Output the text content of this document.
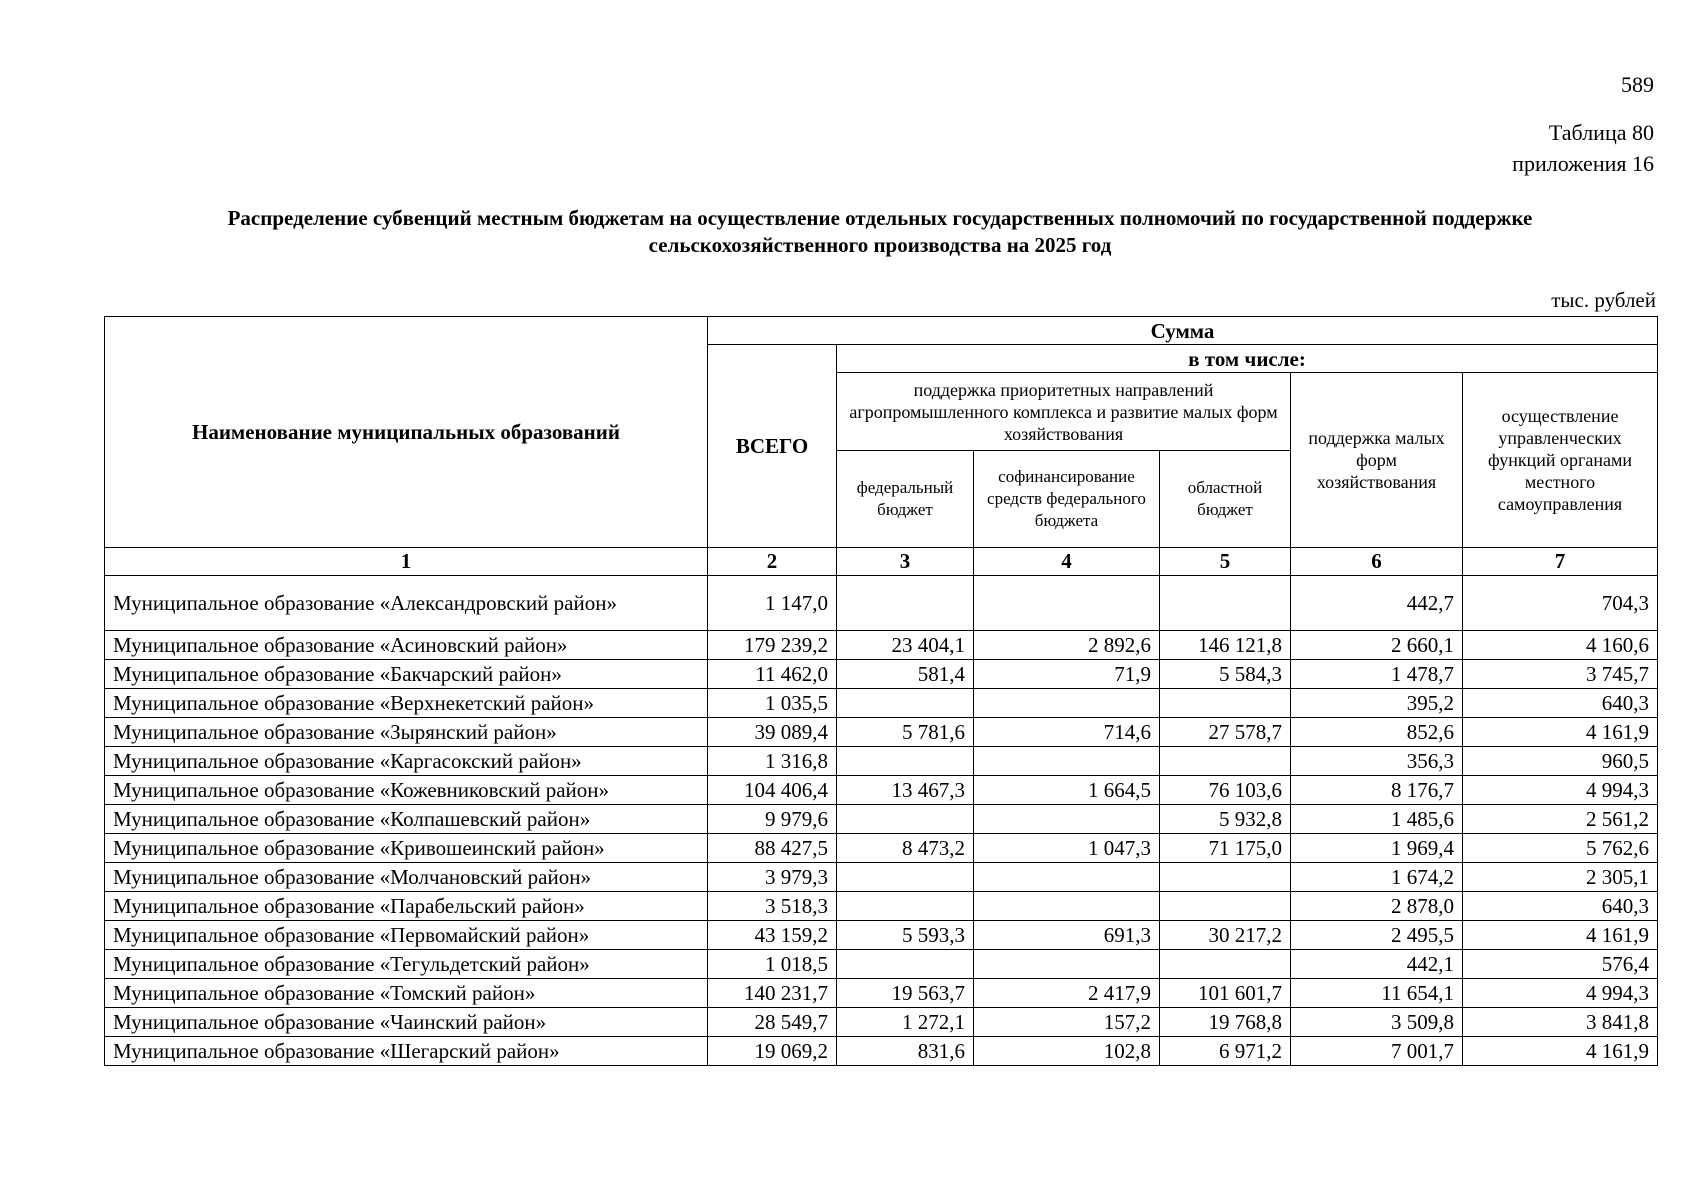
589
Таблица 80
приложения 16
Распределение субвенций местным бюджетам на осуществление отдельных государственных полномочий по государственной поддержке
сельскохозяйственного производства на 2025 год
тыс. рублей
Наименование муниципальных образований	Сумма					
	ВСЕГО	в том числе:				
		поддержка приоритетных направлений агропромышленного комплекса и развитие малых форм хозяйствования			поддержка малых форм хозяйствования	осуществление управленческих функций органами местного самоуправления
		федеральный бюджет	софинансирование средств федерального бюджета	областной бюджет		
1	2	3	4	5	6	7
Муниципальное образование «Александровский район»	1 147,0				442,7	704,3
Муниципальное образование «Асиновский район»	179 239,2	23 404,1	2 892,6	146 121,8	2 660,1	4 160,6
Муниципальное образование «Бакчарский район»	11 462,0	581,4	71,9	5 584,3	1 478,7	3 745,7
Муниципальное образование «Верхнекетский район»	1 035,5				395,2	640,3
Муниципальное образование «Зырянский район»	39 089,4	5 781,6	714,6	27 578,7	852,6	4 161,9
Муниципальное образование «Каргасокский район»	1 316,8				356,3	960,5
Муниципальное образование «Кожевниковский район»	104 406,4	13 467,3	1 664,5	76 103,6	8 176,7	4 994,3
Муниципальное образование «Колпашевский район»	9 979,6			5 932,8	1 485,6	2 561,2
Муниципальное образование «Кривошеинский район»	88 427,5	8 473,2	1 047,3	71 175,0	1 969,4	5 762,6
Муниципальное образование «Молчановский район»	3 979,3				1 674,2	2 305,1
Муниципальное образование «Парабельский район»	3 518,3				2 878,0	640,3
Муниципальное образование «Первомайский район»	43 159,2	5 593,3	691,3	30 217,2	2 495,5	4 161,9
Муниципальное образование «Тегульдетский район»	1 018,5				442,1	576,4
Муниципальное образование «Томский район»	140 231,7	19 563,7	2 417,9	101 601,7	11 654,1	4 994,3
Муниципальное образование «Чаинский район»	28 549,7	1 272,1	157,2	19 768,8	3 509,8	3 841,8
Муниципальное образование «Шегарский район»	19 069,2	831,6	102,8	6 971,2	7 001,7	4 161,9
